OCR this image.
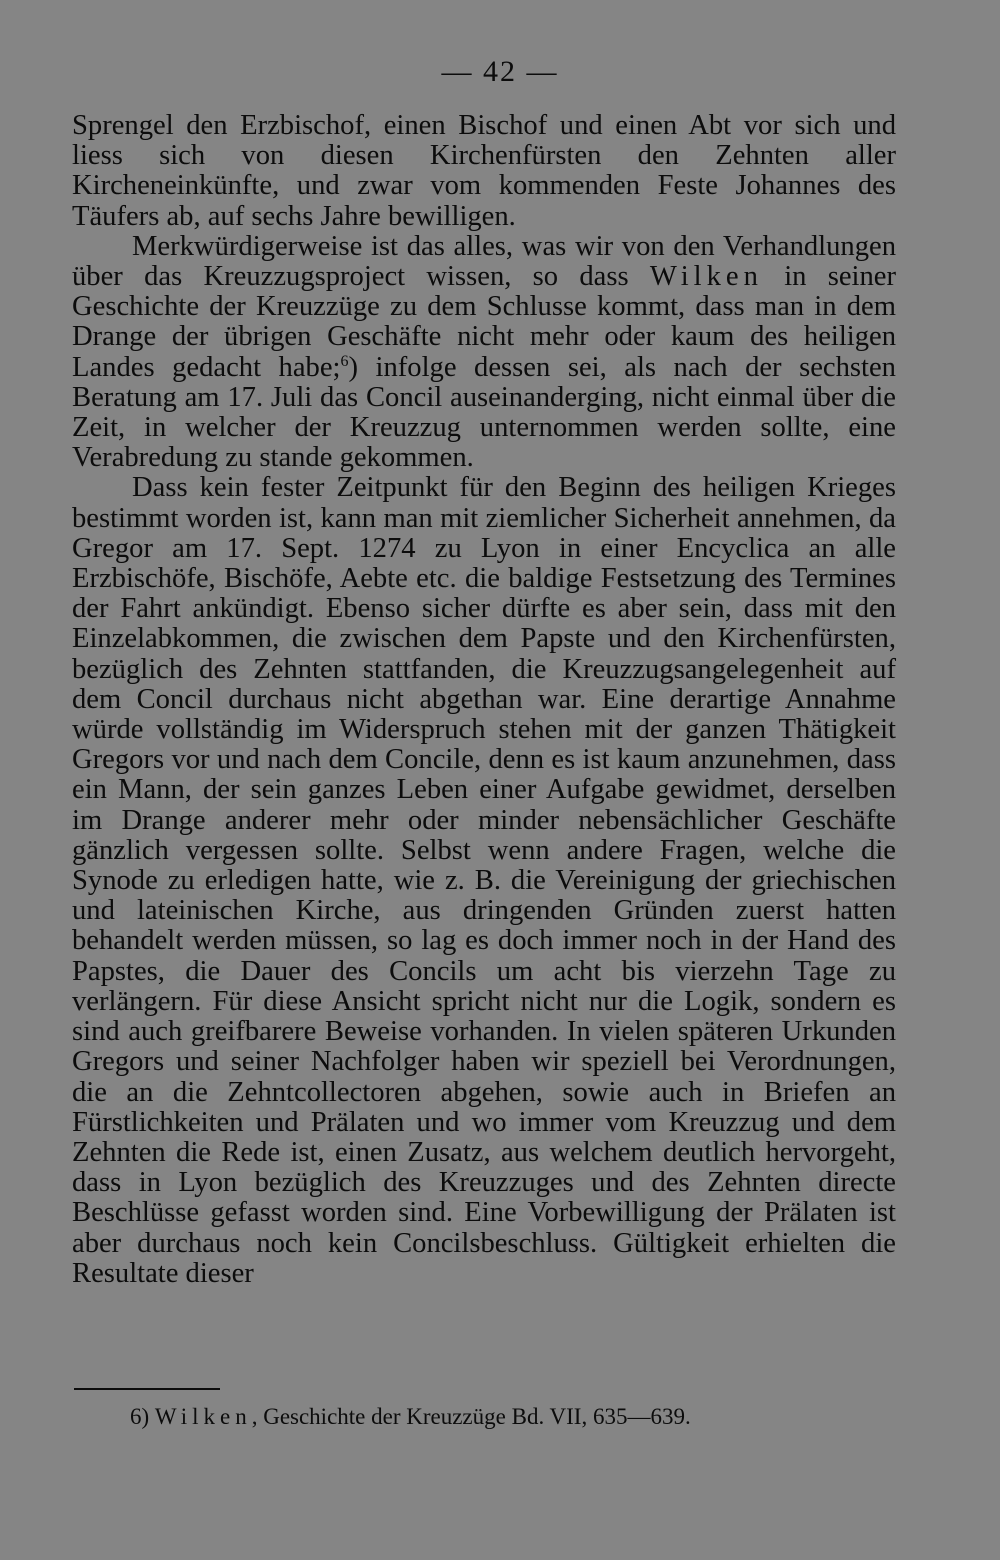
— 42 —

Sprengel den Erzbischof, einen Bischof und einen Abt vor sich und liess sich von diesen Kirchenfürsten den Zehnten aller Kircheneinkünfte, und zwar vom kommenden Feste Johannes des Täufers ab, auf sechs Jahre bewilligen.

Merkwürdigerweise ist das alles, was wir von den Verhandlungen über das Kreuzzugsproject wissen, so dass Wilken in seiner Geschichte der Kreuzzüge zu dem Schlusse kommt, dass man in dem Drange der übrigen Geschäfte nicht mehr oder kaum des heiligen Landes gedacht habe;$^6$) infolge dessen sei, als nach der sechsten Beratung am 17. Juli das Concil auseinanderging, nicht einmal über die Zeit, in welcher der Kreuzzug unternommen werden sollte, eine Verabredung zu stande gekommen.

Dass kein fester Zeitpunkt für den Beginn des heiligen Krieges bestimmt worden ist, kann man mit ziemlicher Sicherheit annehmen, da Gregor am 17. Sept. 1274 zu Lyon in einer Encyclica an alle Erzbischöfe, Bischöfe, Aebte etc. die baldige Festsetzung des Termines der Fahrt ankündigt. Ebenso sicher dürfte es aber sein, dass mit den Einzelabkommen, die zwischen dem Papste und den Kirchenfürsten, bezüglich des Zehnten stattfanden, die Kreuzzugsangelegenheit auf dem Concil durchaus nicht abgethan war. Eine derartige Annahme würde vollständig im Widerspruch stehen mit der ganzen Thätigkeit Gregors vor und nach dem Concile, denn es ist kaum anzunehmen, dass ein Mann, der sein ganzes Leben einer Aufgabe gewidmet, derselben im Drange anderer mehr oder minder nebensächlicher Geschäfte gänzlich vergessen sollte. Selbst wenn andere Fragen, welche die Synode zu erledigen hatte, wie z. B. die Vereinigung der griechischen und lateinischen Kirche, aus dringenden Gründen zuerst hatten behandelt werden müssen, so lag es doch immer noch in der Hand des Papstes, die Dauer des Concils um acht bis vierzehn Tage zu verlängern. Für diese Ansicht spricht nicht nur die Logik, sondern es sind auch greifbarere Beweise vorhanden. In vielen späteren Urkunden Gregors und seiner Nachfolger haben wir speziell bei Verordnungen, die an die Zehntcollectoren abgehen, sowie auch in Briefen an Fürstlichkeiten und Prälaten und wo immer vom Kreuzzug und dem Zehnten die Rede ist, einen Zusatz, aus welchem deutlich hervorgeht, dass in Lyon bezüglich des Kreuzzuges und des Zehnten directe Beschlüsse gefasst worden sind. Eine Vorbewilligung der Prälaten ist aber durchaus noch kein Concilsbeschluss. Gültigkeit erhielten die Resultate dieser

6) Wilken, Geschichte der Kreuzzüge Bd. VII, 635—639.
